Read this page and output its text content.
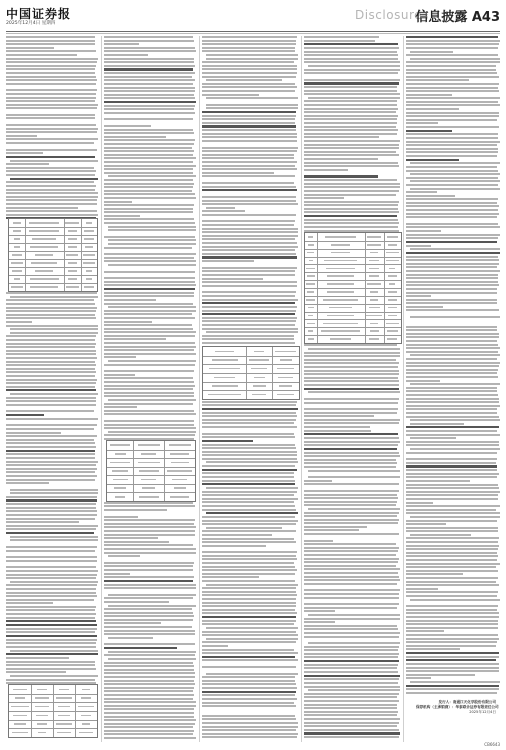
中国证券报
2025年12月4日 星期四
Disclosure
信息披露 A43
发行人：南通江天化学股份有限公司
保荐机构（主承销商）：华泰联合证券有限责任公司
2025年12月4日
CB6643
